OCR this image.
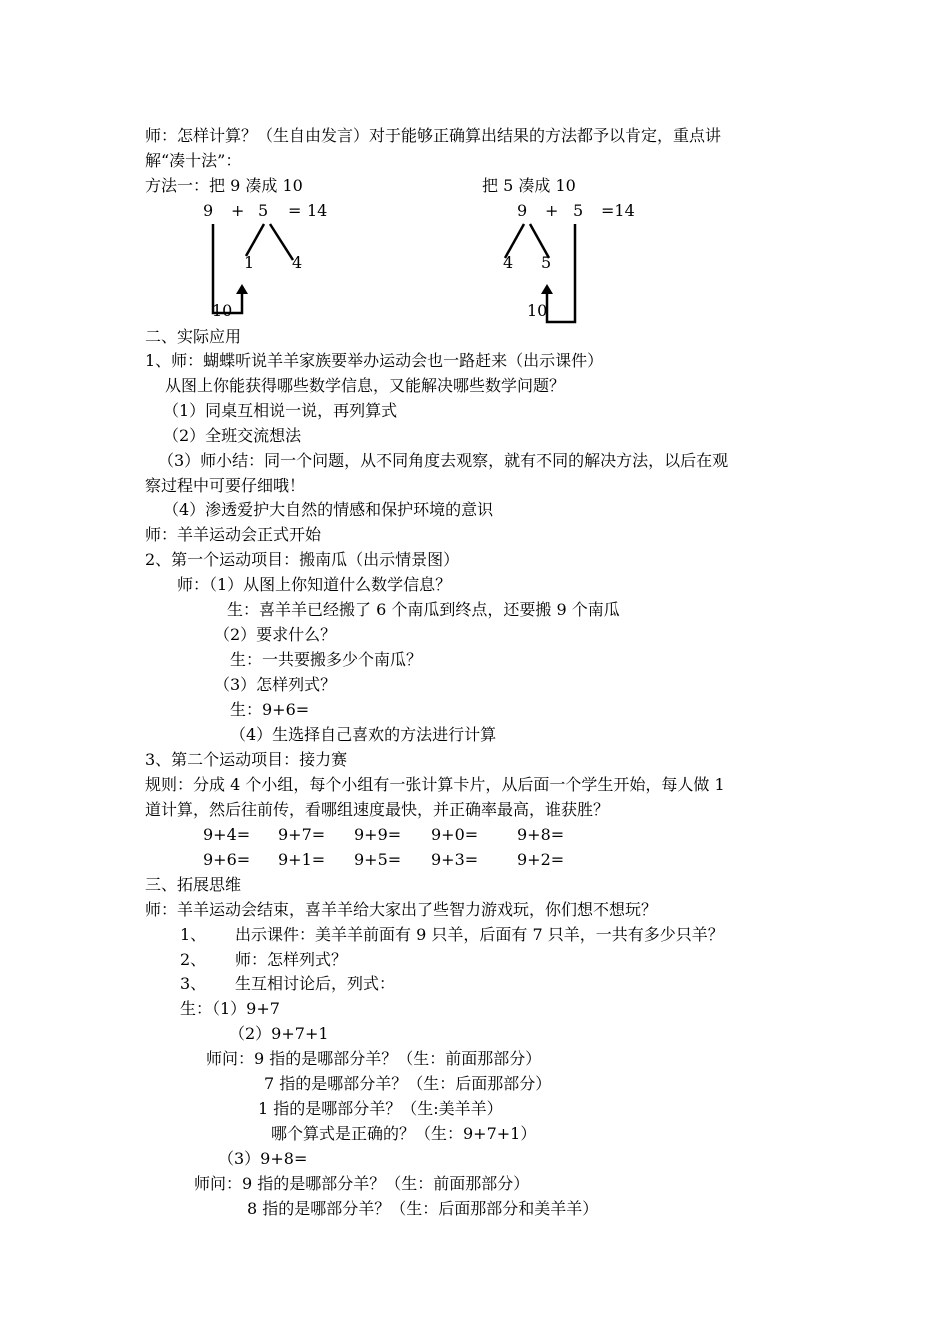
师：怎样计算？（生自由发言）对于能够正确算出结果的方法都予以肯定，重点讲
解“凑十法”：
方法一：把 9 凑成 10	把 5 凑成 10
9 + 5 = 14
1 4
10
9 + 5 =14
4 5
10
二、实际应用
1、师：蝴蝶听说羊羊家族要举办运动会也一路赶来（出示课件）
从图上你能获得哪些数学信息，又能解决哪些数学问题？
（1）同桌互相说一说，再列算式
（2）全班交流想法
（3）师小结：同一个问题，从不同角度去观察，就有不同的解决方法，以后在观
察过程中可要仔细哦！
（4）渗透爱护大自然的情感和保护环境的意识
师：羊羊运动会正式开始
2、第一个运动项目：搬南瓜（出示情景图）
师：（1）从图上你知道什么数学信息？
生：喜羊羊已经搬了 6 个南瓜到终点，还要搬 9 个南瓜
（2）要求什么？
生：一共要搬多少个南瓜？
（3）怎样列式？
生：9+6=
（4）生选择自己喜欢的方法进行计算
3、第二个运动项目：接力赛
规则：分成 4 个小组，每个小组有一张计算卡片，从后面一个学生开始，每人做 1
道计算，然后往前传，看哪组速度最快，并正确率最高，谁获胜？
9+4= 9+7= 9+9= 9+0= 9+8=
9+6= 9+1= 9+5= 9+3= 9+2=
三、拓展思维
师：羊羊运动会结束，喜羊羊给大家出了些智力游戏玩，你们想不想玩？
1、 出示课件：美羊羊前面有 9 只羊，后面有 7 只羊，一共有多少只羊？
2、 师：怎样列式？
3、 生互相讨论后，列式：
生：（1）9+7
（2）9+7+1
师问：9 指的是哪部分羊？（生：前面那部分）
7 指的是哪部分羊？（生：后面那部分）
1 指的是哪部分羊？（生:美羊羊）
哪个算式是正确的？（生：9+7+1）
（3）9+8=
师问：9 指的是哪部分羊？（生：前面那部分）
8 指的是哪部分羊？（生：后面那部分和美羊羊）
